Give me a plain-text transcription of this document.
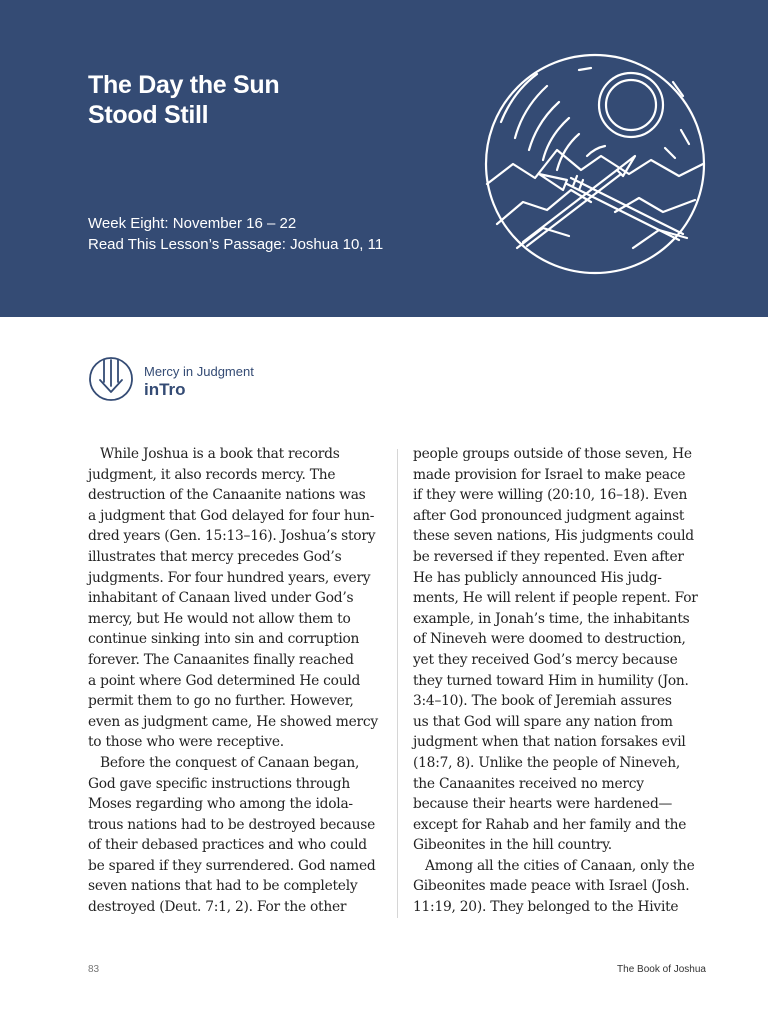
The Day the Sun
Stood Still
Week Eight: November 16 – 22
Read This Lesson’s Passage: Joshua 10, 11
Mercy in Judgment
inTro
While Joshua is a book that records
judgment, it also records mercy. The
destruction of the Canaanite nations was
a judgment that God delayed for four hun-
dred years (Gen. 15:13–16). Joshua’s story
illustrates that mercy precedes God’s
judgments. For four hundred years, every
inhabitant of Canaan lived under God’s
mercy, but He would not allow them to
continue sinking into sin and corruption
forever. The Canaanites finally reached
a point where God determined He could
permit them to go no further. However,
even as judgment came, He showed mercy
to those who were receptive.
Before the conquest of Canaan began,
God gave specific instructions through
Moses regarding who among the idola-
trous nations had to be destroyed because
of their debased practices and who could
be spared if they surrendered. God named
seven nations that had to be completely
destroyed (Deut. 7:1, 2). For the other
people groups outside of those seven, He
made provision for Israel to make peace
if they were willing (20:10, 16–18). Even
after God pronounced judgment against
these seven nations, His judgments could
be reversed if they repented. Even after
He has publicly announced His judg-
ments, He will relent if people repent. For
example, in Jonah’s time, the inhabitants
of Nineveh were doomed to destruction,
yet they received God’s mercy because
they turned toward Him in humility (Jon.
3:4–10). The book of Jeremiah assures
us that God will spare any nation from
judgment when that nation forsakes evil
(18:7, 8). Unlike the people of Nineveh,
the Canaanites received no mercy
because their hearts were hardened—
except for Rahab and her family and the
Gibeonites in the hill country.
Among all the cities of Canaan, only the
Gibeonites made peace with Israel (Josh.
11:19, 20). They belonged to the Hivite
83	The Book of Joshua
